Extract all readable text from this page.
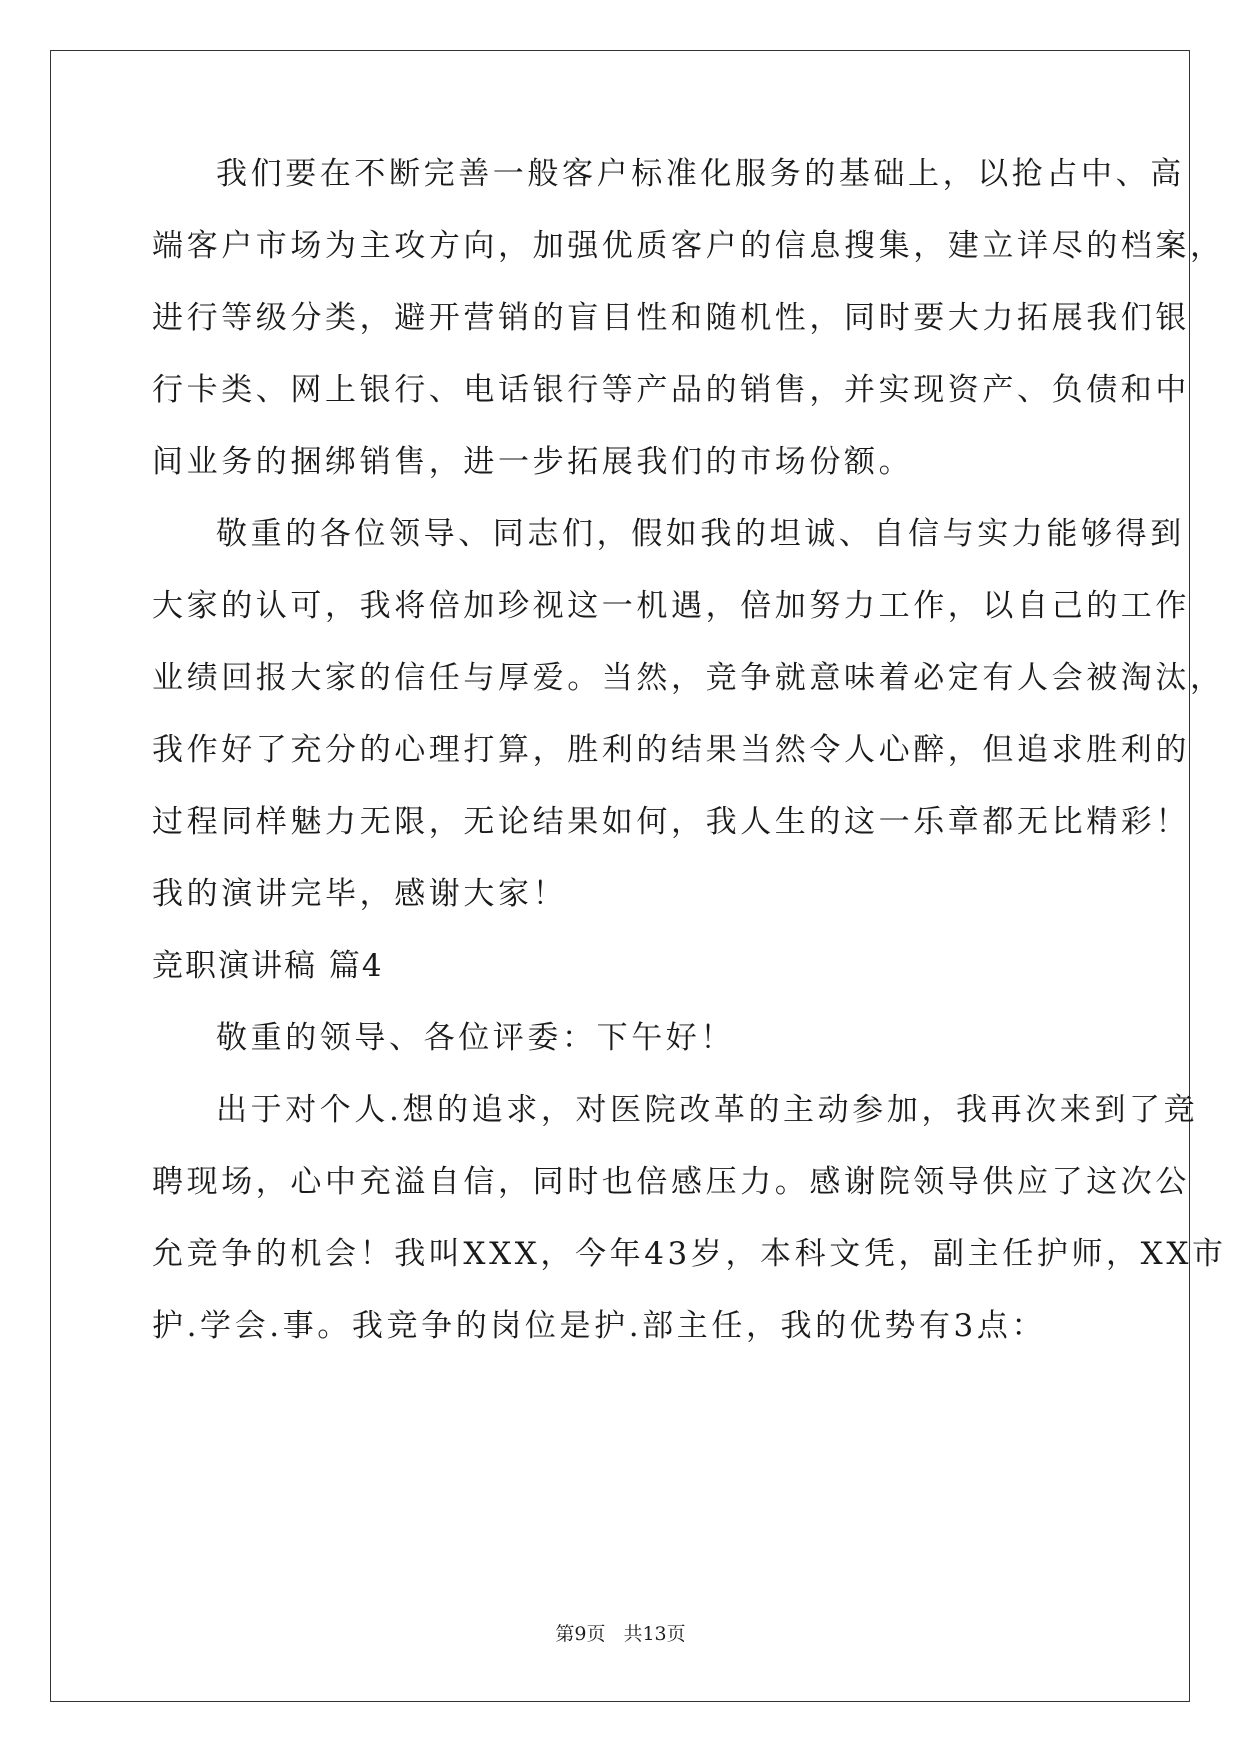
我们要在不断完善一般客户标准化服务的基础上，以抢占中、高
端客户市场为主攻方向，加强优质客户的信息搜集，建立详尽的档案，
进行等级分类，避开营销的盲目性和随机性，同时要大力拓展我们银
行卡类、网上银行、电话银行等产品的销售，并实现资产、负债和中
间业务的捆绑销售，进一步拓展我们的市场份额。
敬重的各位领导、同志们，假如我的坦诚、自信与实力能够得到
大家的认可，我将倍加珍视这一机遇，倍加努力工作，以自己的工作
业绩回报大家的信任与厚爱。当然，竞争就意味着必定有人会被淘汰，
我作好了充分的心理打算，胜利的结果当然令人心醉，但追求胜利的
过程同样魅力无限，无论结果如何，我人生的这一乐章都无比精彩！
我的演讲完毕，感谢大家！
竞职演讲稿 篇4
敬重的领导、各位评委：下午好！
出于对个人.想的追求，对医院改革的主动参加，我再次来到了竞
聘现场，心中充溢自信，同时也倍感压力。感谢院领导供应了这次公
允竞争的机会！我叫XXX，今年43岁，本科文凭，副主任护师，XX市
护.学会.事。我竞争的岗位是护.部主任，我的优势有3点：
第9页 共13页
